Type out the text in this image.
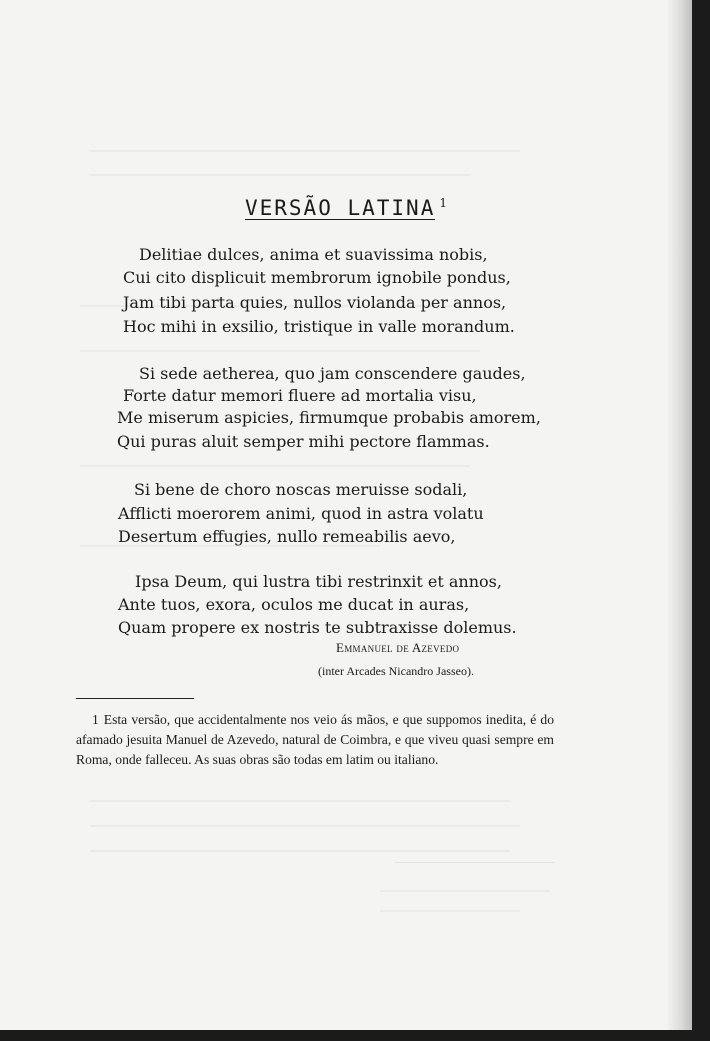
VERSÃO LATINA $^1$
Delitiae dulces, anima et suavissima nobis,
Cui cito displicuit membrorum ignobile pondus,
Jam tibi parta quies, nullos violanda per annos,
Hoc mihi in exsilio, tristique in valle morandum.
Si sede aetherea, quo jam conscendere gaudes,
Forte datur memori fluere ad mortalia visu,
Me miserum aspicies, firmumque probabis amorem,
Qui puras aluit semper mihi pectore flammas.
Si bene de choro noscas meruisse sodali,
Afflicti moerorem animi, quod in astra volatu
Desertum effugies, nullo remeabilis aevo,
Ipsa Deum, qui lustra tibi restrinxit et annos,
Ante tuos, exora, oculos me ducat in auras,
Quam propere ex nostris te subtraxisse dolemus.
Emmanuel de Azevedo
(inter Arcades Nicandro Jasseo).
1 Esta versão, que accidentalmente nos veio ás mãos, e que suppomos inedita, é do afamado jesuita Manuel de Azevedo, natural de Coimbra, e que viveu quasi sempre em Roma, onde falleceu. As suas obras são todas em latim ou italiano.
